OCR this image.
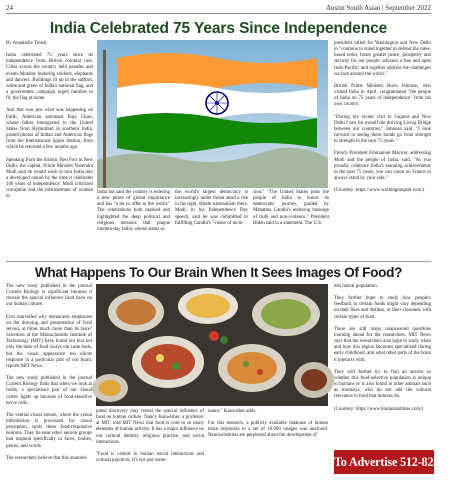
24	Austin South Asian | September 2022
India Celebrated 75 Years Since Independence

By Annabelle Timsit

India celebrated 75 years since its independence from British colonial rule. Cities across the country held parades and events Monday featuring soldiers, elephants and dancers. Buildings lit up in the saffron, white and green of India's national flag, and a government campaign urged families to fly the flag at home.

And that was just what was happening on Earth. American astronaut Raja Chari, whose father immigrated to the United States from Hyderabad in southern India, posted photos of Indian and American flags from the International Space Station, from which he returned a few months ago.

Speaking from the historic Red Fort in New Delhi, the capital, Prime Minister Narendra Modi said he would work to turn India into a developed nation by the time it celebrates 100 years of independence. Modi criticized corruption and the mistreatment of women in

India but said the country is entering a new phase of global importance and has "a lot to offer to the world." The celebrations both masked and highlighted the deep political and religious tensions that plague modern-day India, whose status as

the world's largest democracy is increasingly under threat amid a rise in far-right, Hindu nationalism there. Modi, in his Independence Day speech, said he was committed to fulfilling Gandhi's "vision of inclu-

sion." "The United States joins the people of India to honor its democratic journey, guided by Mahatma Gandhi's enduring message of truth and non-violence," President Biden said in a statement. The U.S.

president called for Washington and New Delhi to "continue to stand together to defend the rules-based order, foster greater peace, prosperity and security for our people; advance a free and open Indo-Pacific; and together address the challenges we face around the world."

British Prime Minister Boris Johnson, who visited India in April, congratulated "the people of India on 75 years of independence" from his own country.

"During my recent visit to Gujarat and New Delhi I saw for myself the thriving Living Bridge between our countries," Johnson said. "I look forward to seeing these bonds go from strength to strength in the next 75 years."

French President Emmanuel Macron, addressing Modi and the people of India, said, "As you proudly celebrate India's stunning achievements in the past 75 years, you can count on France to always stand by your side."

(Courtesy: https://www.washingtonpost.com/)

What Happens To Our Brain When It Sees Images Of Food?

The new study published in the journal Current Biology is significant because it reveals the special influence food have on our human culture.

Ever marvelled why restaurants emphasise on the dressing and presentation of food served, at times much more than its taste? Scientists at the Massachusetts Institute of Technology (MIT) have found out that not only the taste of food sways our taste buds, but the visual appearance too elicits response in a particular part of our brain, reports MIT News.

The new study published in the journal Current Biology finds that when we look at foods, a specialised part of our visual cortex lights up because of food-sensitive nerve cells.

The ventral visual stream, where the visual information is processed for visual perception, spots these food-responsive neurons. They lie near other neuron groups that respond specifically to faces, bodies, places, and words.

The researchers believe that this anatomi-

pated discovery may reveal the special influence of food on human culture. Nancy Kanwisher, a professor at MIT, told MIT News that food is core to so many elements of human activity. It has a major influence on our cultural identity, religious practice, and social interactions.

"Food is central to human social interactions and cultural practices. It's not just some-

nance," Kanwisher adds.

For this research, a publicly available database of human brain responses to a set of 10,000 images was analysed. Neuroscientists are perplexed about the development of

this neural population.

They further hope to study how people's feedback to certain foods might vary depending on their likes and dislikes, or their closeness with certain types of food.

There are still many unanswered questions looming ahead for the researchers. MIT News says that the researchers also hope to study when and how this region becomes specialized during early childhood, and what other parts of the brain it interacts with.

They will further try to find an answer to whether this food-selective population is unique to humans or is also found in other animals such as monkeys, who do not add the cultural relevance to food that humans do.

(Courtesy: https://www.hindustantimes.com/)

To Advertise 512-828-6709
